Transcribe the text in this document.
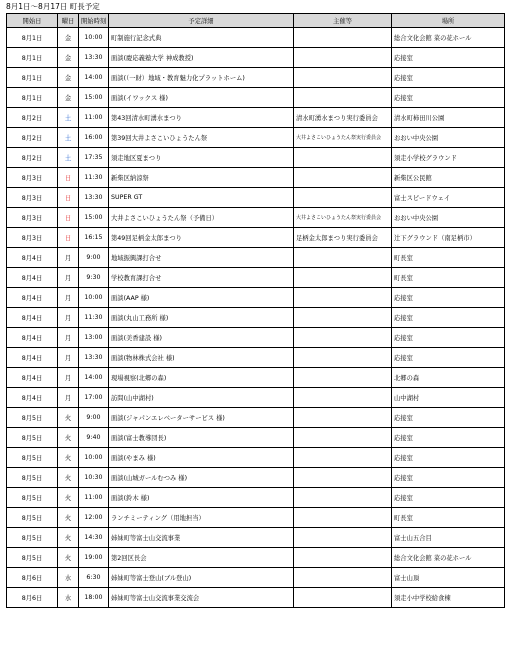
8月1日～8月17日 町長予定
開始日	曜日	開始時刻	予定詳細	主催等	場所
8月1日	金	10:00	町制施行記念式典		総合文化会館 菜の花ホール
8月1日	金	13:30	面談(慶応義塾大学 神成教授)		応接室
8月1日	金	14:00	面談(（一財）地域・教育魅力化プラットホーム)		応接室
8月1日	金	15:00	面談(イワックス 様)		応接室
8月2日	土	11:00	第43回清水町湧水まつり	清水町湧水まつり実行委員会	清水町柿田川公園
8月2日	土	16:00	第39回大井よさこいひょうたん祭	大井よさこいひょうたん祭実行委員会	おおい中央公園
8月2日	土	17:35	須走地区夏まつり		須走小学校グラウンド
8月3日	日	11:30	新柴区納涼祭		新柴区公民館
8月3日	日	13:30	SUPER GT		富士スピードウェイ
8月3日	日	15:00	大井よさこいひょうたん祭（予備日）	大井よさこいひょうたん祭実行委員会	おおい中央公園
8月3日	日	16:15	第49回足柄金太郎まつり	足柄金太郎まつり実行委員会	辻下グラウンド（南足柄市）
8月4日	月	9:00	地域振興課打合せ		町長室
8月4日	月	9:30	学校教育課打合せ		町長室
8月4日	月	10:00	面談(AAP 様)		応接室
8月4日	月	11:30	面談(丸山工務所 様)		応接室
8月4日	月	13:00	面談(美香建設 様)		応接室
8月4日	月	13:30	面談(物林株式会社 様)		応接室
8月4日	月	14:00	現場視察(北郷の森)		北郷の森
8月4日	月	17:00	訪問(山中湖村)		山中湖村
8月5日	火	9:00	面談(ジャパンエレベーターサービス 様)		応接室
8月5日	火	9:40	面談(富士教導団長)		応接室
8月5日	火	10:00	面談(やまみ 様)		応接室
8月5日	火	10:30	面談(山城ガールむつみ 様)		応接室
8月5日	火	11:00	面談(鈴木 様)		応接室
8月5日	火	12:00	ランチミーティング（用地担当）		町長室
8月5日	火	14:30	姉妹町等富士山交流事業		富士山五合目
8月5日	火	19:00	第2回区長会		総合文化会館 菜の花ホール
8月6日	水	6:30	姉妹町等富士登山(ブル登山)		富士山頂
8月6日	水	18:00	姉妹町等富士山交流事業交流会		須走小中学校給食棟
